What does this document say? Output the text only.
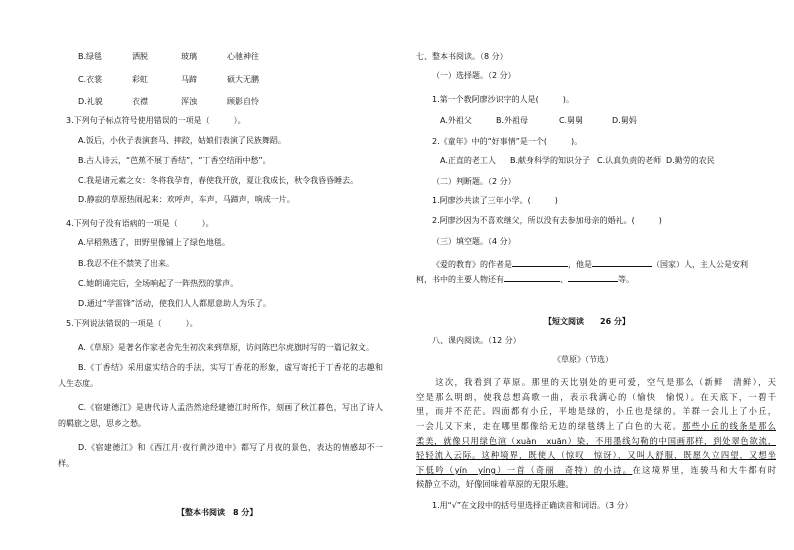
B.绿毯	洒脱	玻璃	心驰神往
C.衣裳	彩虹	马蹄	硕大无鹏
D.礼貌	衣襟	浑浊	顾影自怜
3.下列句子标点符号使用错误的一项是（　　　）。
A.饭后，小伙子表演套马、摔跤，姑娘们表演了民族舞蹈。
B.古人诗云，“芭蕉不展丁香结”，“丁香空结雨中愁”。
C.我是诸元素之女：冬将我孕育，春使我开放，夏让我成长，秋令我昏昏睡去。
D.静寂的草原热闹起来：欢呼声，车声，马蹄声，响成一片。
4.下列句子没有语病的一项是（　　　）。
A.早稻熟透了，田野里像铺上了绿色地毯。
B.我忍不住不禁笑了出来。
C.她朗诵完后，全场响起了一阵热烈的掌声。
D.通过“学雷锋”活动，使我们人人都愿意助人为乐了。
5.下列说法错误的一项是（　　　）。
A.《草原》是著名作家老舍先生初次来到草原，访问陈巴尔虎旗时写的一篇记叙文。
B.《丁香结》采用虚实结合的手法，实写丁香花的形象，虚写寄托于丁香花的志趣和
人生态度。
C.《宿建德江》是唐代诗人孟浩然途经建德江时所作，刻画了秋江暮色，写出了诗人
的羁旅之思，思乡之愁。
D.《宿建德江》和《西江月·夜行黄沙道中》都写了月夜的景色，表达的情感却不一
样。
【整本书阅读　8 分】
七、整本书阅读。（8 分）
（一）选择题。（2 分）
1.第一个教阿廖沙识字的人是(　　　)。
A.外祖父	B.外祖母	C.舅舅	D.舅妈
2.《童年》中的“好事情”是一个(　　　)。
A.正直的老工人 B.献身科学的知识分子 C.认真负责的老师 D.勤劳的农民
（二）判断题。（2 分）
1.阿廖沙共读了三年小学。(　　　)
2.阿廖沙因为不喜欢继父，所以没有去参加母亲的婚礼。(　　　)
（三）填空题。（4 分）
《爱的教育》的作者是	，他是	（国家）人，主人公是安利
柯，书中的主要人物还有	、	等。
【短文阅读　　26 分】
八、课内阅读。（12 分）
《草原》（节选）
　　这次，我看到了草原。那里的天比别处的更可爱，空气是那么（新鲜　清鲜），天
空是那么明朗，使我总想高歌一曲，表示我满心的（愉快　愉悦）。在天底下，一碧千
里，而并不茫茫。四面都有小丘，平地是绿的，小丘也是绿的。羊群一会儿上了小丘，
一会儿又下来，走在哪里都像给无边的绿毯绣上了白色的大花。那些小丘的线条是那么
柔美，就像只用绿色渲（xuàn　xuān）染，不用墨线勾勒的中国画那样，到处翠色欲流，
轻轻流入云际。这种境界，既使人（惊叹　惊讶），又叫人舒服，既愿久立四望，又想坐
下低吟（yín　yíng）一首（奇丽　奇特）的小诗。在这境界里，连骏马和大牛都有时
候静立不动，好像回味着草原的无限乐趣。
1.用“√”在文段中的括号里选择正确读音和词语。（3 分）
